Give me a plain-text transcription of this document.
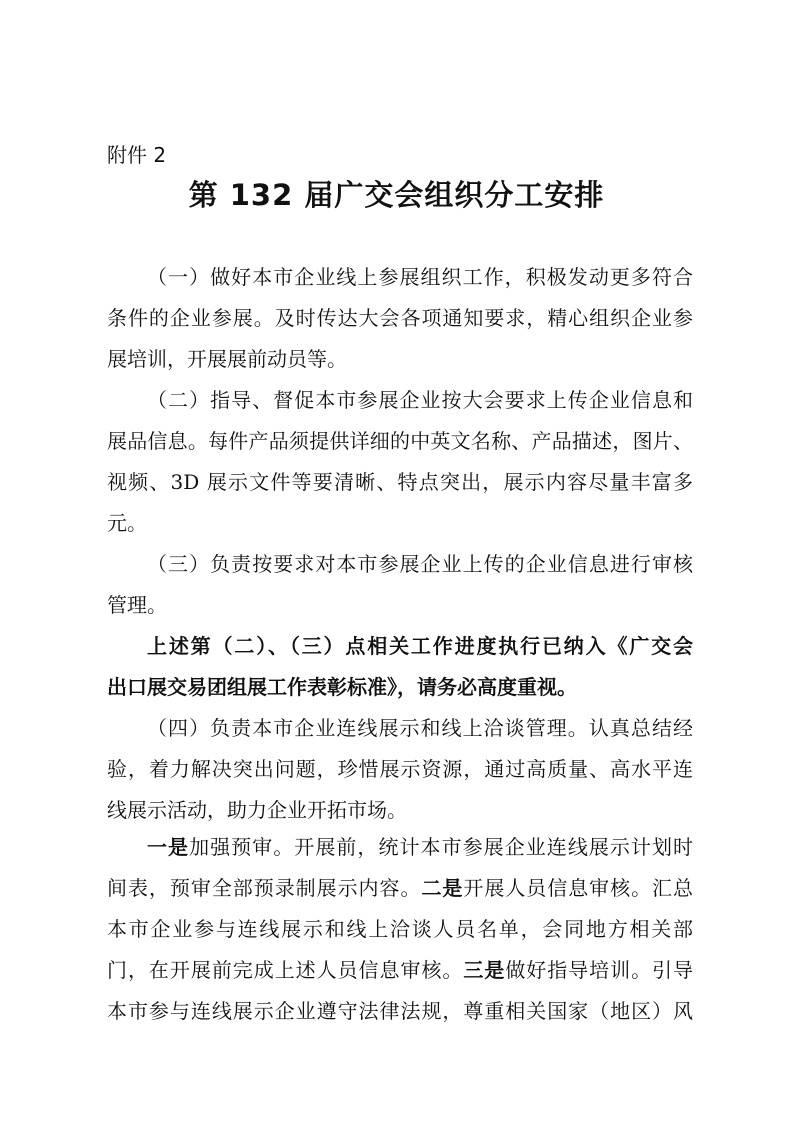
附件 2
第 132 届广交会组织分工安排
（一）做好本市企业线上参展组织工作，积极发动更多符合
条件的企业参展。及时传达大会各项通知要求，精心组织企业参
展培训，开展展前动员等。
（二）指导、督促本市参展企业按大会要求上传企业信息和
展品信息。每件产品须提供详细的中英文名称、产品描述，图片、
视频、3D 展示文件等要清晰、特点突出，展示内容尽量丰富多
元。
（三）负责按要求对本市参展企业上传的企业信息进行审核
管理。
上述第（二）、（三）点相关工作进度执行已纳入《广交会
出口展交易团组展工作表彰标准》，请务必高度重视。
（四）负责本市企业连线展示和线上洽谈管理。认真总结经
验，着力解决突出问题，珍惜展示资源，通过高质量、高水平连
线展示活动，助力企业开拓市场。
一是加强预审。开展前，统计本市参展企业连线展示计划时
间表，预审全部预录制展示内容。二是开展人员信息审核。汇总
本市企业参与连线展示和线上洽谈人员名单，会同地方相关部
门，在开展前完成上述人员信息审核。三是做好指导培训。引导
本市参与连线展示企业遵守法律法规，尊重相关国家（地区）风
